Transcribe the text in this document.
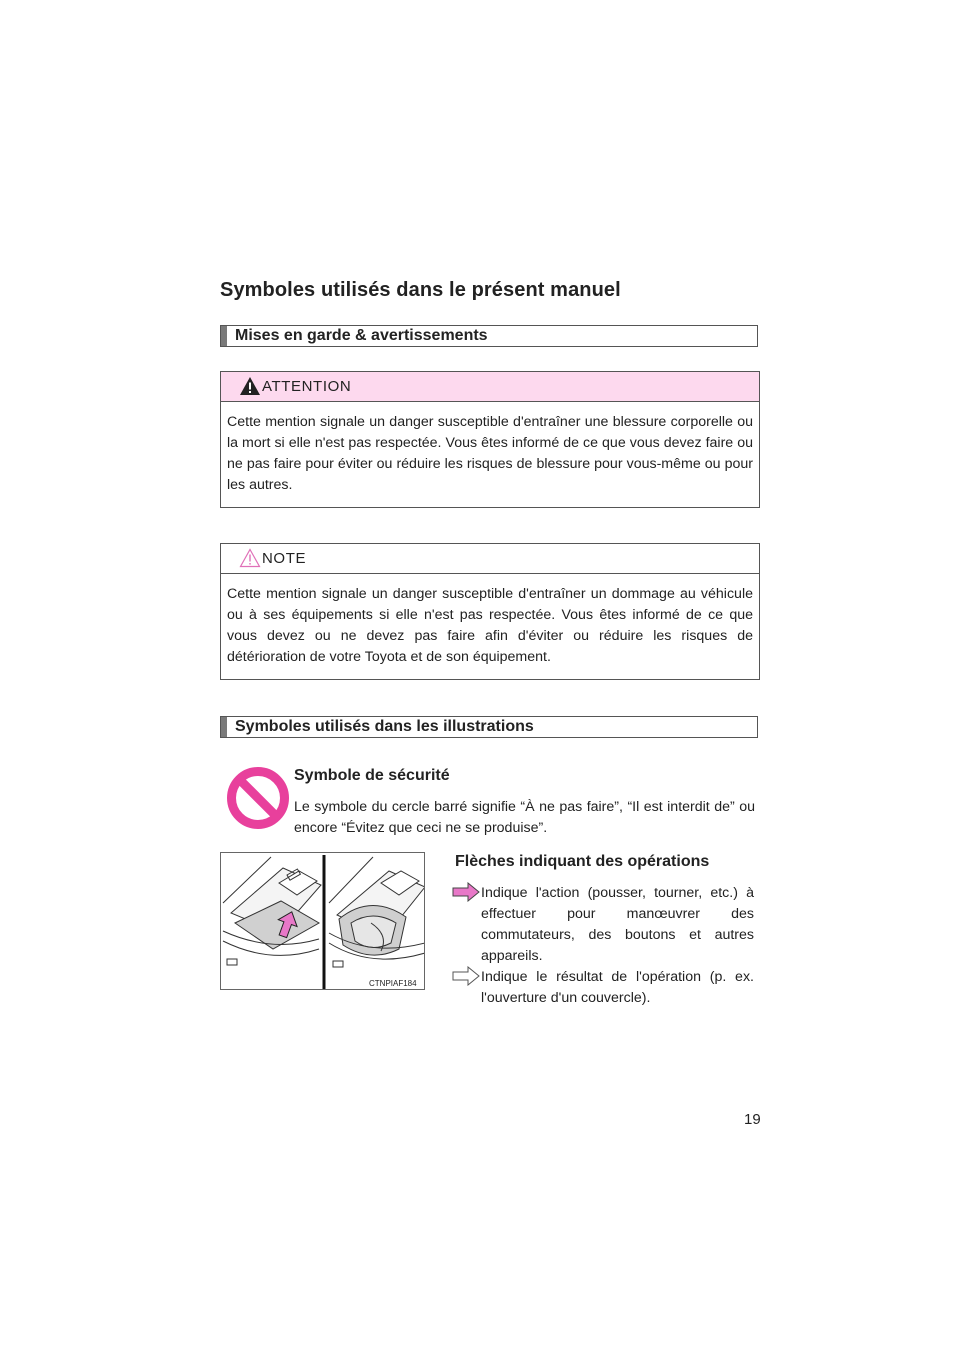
Symboles utilisés dans le présent manuel
Mises en garde & avertissements
ATTENTION
Cette mention signale un danger susceptible d'entraîner une blessure corporelle ou la mort si elle n'est pas respectée. Vous êtes informé de ce que vous devez faire ou ne pas faire pour éviter ou réduire les risques de blessure pour vous-même ou pour les autres.
NOTE
Cette mention signale un danger susceptible d'entraîner un dommage au véhicule ou à ses équipements si elle n'est pas respectée. Vous êtes informé de ce que vous devez ou ne devez pas faire afin d'éviter ou réduire les risques de détérioration de votre Toyota et de son équipement.
Symboles utilisés dans les illustrations
Symbole de sécurité
Le symbole du cercle barré signifie “À ne pas faire”, “Il est interdit de” ou encore “Évitez que ceci ne se produise”.
CTNPIAF184
Flèches indiquant des opérations
Indique l'action (pousser, tourner, etc.) à effectuer pour manœuvrer des commutateurs, des boutons et autres appareils.
Indique le résultat de l'opération (p. ex. l'ouverture d'un couvercle).
19
